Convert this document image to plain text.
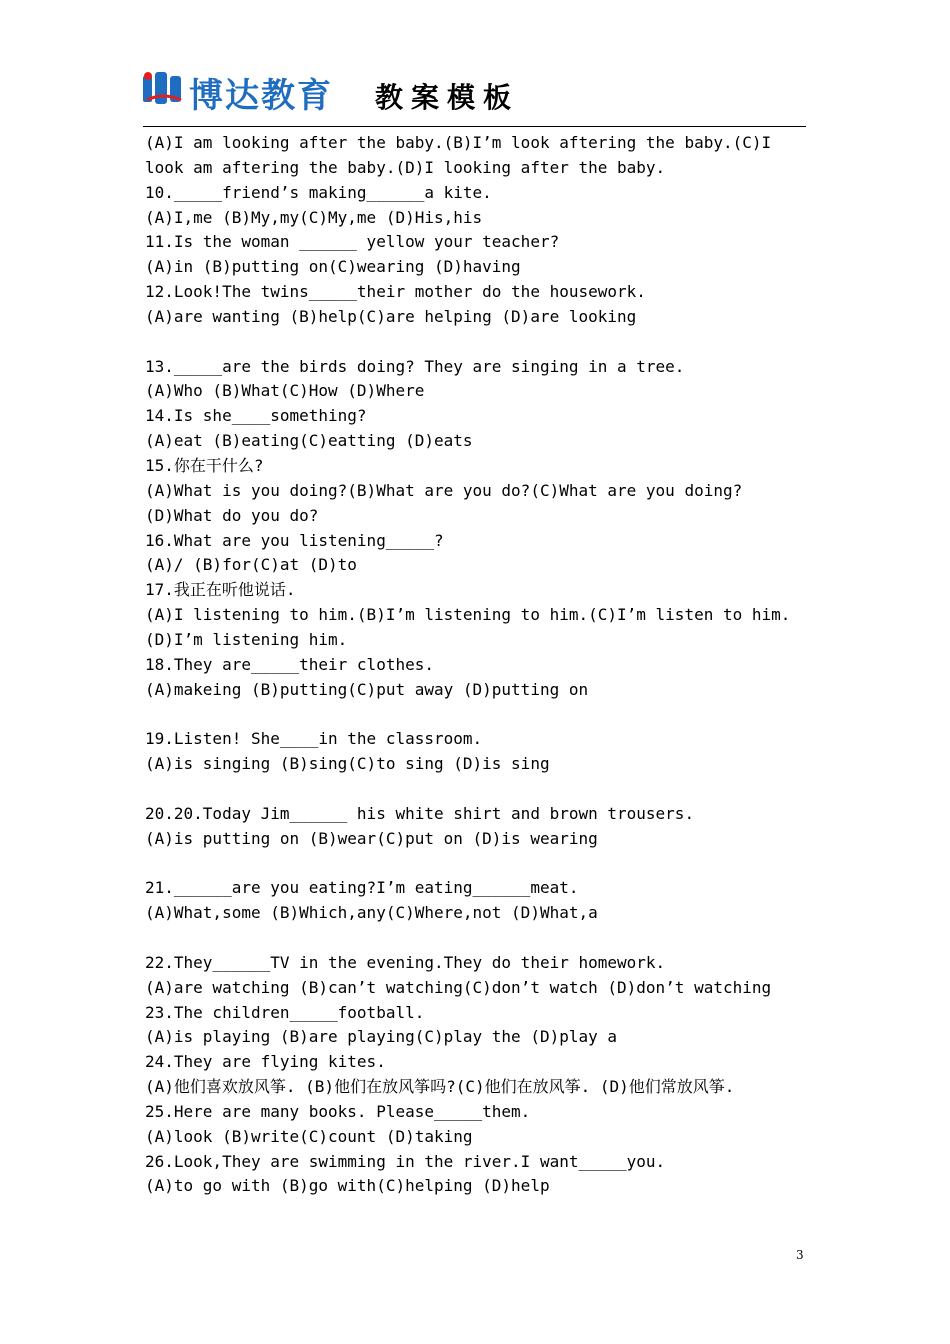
博达教育 教案模板
(A)I am looking after the baby.(B)I’m look aftering the baby.(C)I
look am aftering the baby.(D)I looking after the baby.
10._____friend’s making______a kite.
(A)I,me (B)My,my(C)My,me (D)His,his
11.Is the woman ______ yellow your teacher?
(A)in (B)putting on(C)wearing (D)having
12.Look!The twins_____their mother do the housework.
(A)are wanting (B)help(C)are helping (D)are looking
13._____are the birds doing? They are singing in a tree.
(A)Who (B)What(C)How (D)Where
14.Is she____something?
(A)eat (B)eating(C)eatting (D)eats
15.你在干什么?
(A)What is you doing?(B)What are you do?(C)What are you doing?
(D)What do you do?
16.What are you listening_____?
(A)/ (B)for(C)at (D)to
17.我正在听他说话.
(A)I listening to him.(B)I’m listening to him.(C)I’m listen to him.
(D)I’m listening him.
18.They are_____their clothes.
(A)makeing (B)putting(C)put away (D)putting on
19.Listen! She____in the classroom.
(A)is singing (B)sing(C)to sing (D)is sing
20.20.Today Jim______ his white shirt and brown trousers.
(A)is putting on (B)wear(C)put on (D)is wearing
21.______are you eating?I’m eating______meat.
(A)What,some (B)Which,any(C)Where,not (D)What,a
22.They______TV in the evening.They do their homework.
(A)are watching (B)can’t watching(C)don’t watch (D)don’t watching
23.The children_____football.
(A)is playing (B)are playing(C)play the (D)play a
24.They are flying kites.
(A)他们喜欢放风筝. (B)他们在放风筝吗?(C)他们在放风筝. (D)他们常放风筝.
25.Here are many books. Please_____them.
(A)look (B)write(C)count (D)taking
26.Look,They are swimming in the river.I want_____you.
(A)to go with (B)go with(C)helping (D)help
3
